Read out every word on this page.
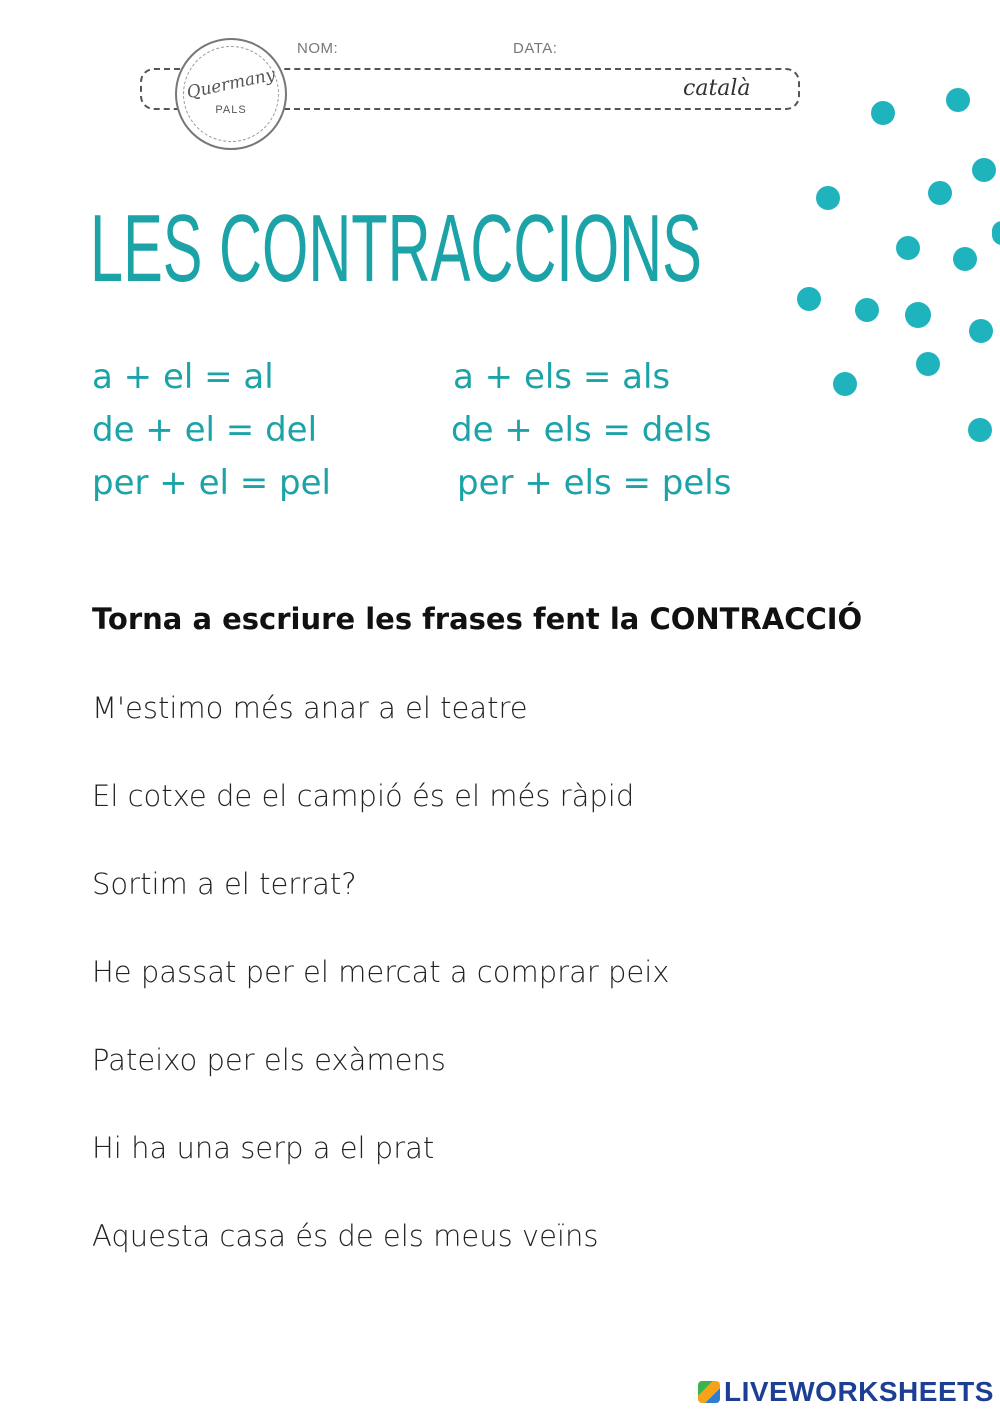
Quermany
PALS
NOM:	DATA:
català
LES CONTRACCIONS
a + el = al	a + els = als
de + el = del	de + els = dels
per + el = pel	per + els = pels
Torna a escriure les frases fent la CONTRACCIÓ
M'estimo més anar a el teatre
El cotxe de el campió és el més ràpid
Sortim a el terrat?
He passat per el mercat a comprar peix
Pateixo per els exàmens
Hi ha una serp a el prat
Aquesta casa és de els meus veïns
LIVEWORKSHEETS
